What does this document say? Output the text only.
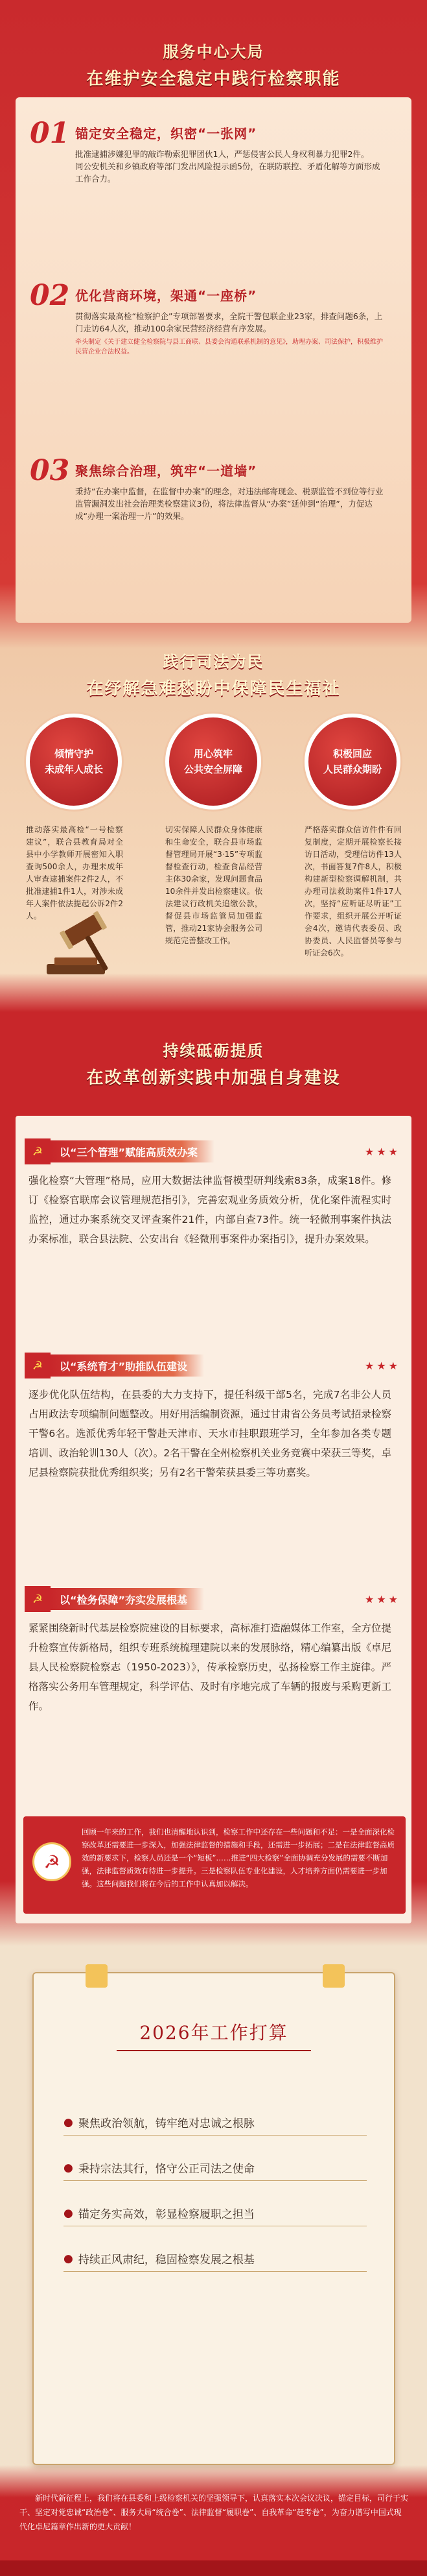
服务中心大局
在维护安全稳定中践行检察职能
01 锚定安全稳定，织密“一张网”

批准逮捕涉嫌犯罪的敲诈勒索犯罪团伙1人，严惩侵害公民人身权利暴力犯罪2件。

同公安机关和乡镇政府等部门发出风险提示函5份，在联防联控、矛盾化解等方面形成工作合力。

02 优化营商环境，架通“一座桥”

贯彻落实最高检“检察护企”专项部署要求，全院干警包联企业23家，排查问题6条，上门走访64人次，推动100余家民营经济经营有序发展。

牵头制定《关于建立健全检察院与县工商联、县委会沟通联系机制的意见》，助理办案、司法保护，积极维护民营企业合法权益。

03 聚焦综合治理，筑牢“一道墙”

秉持“在办案中监督，在监督中办案”的理念，对违法邮寄现金、税票监管不到位等行业监管漏洞发出社会治理类检察建议3份，将法律监督从“办案”延伸到“治理”，力促达成“办理一案治理一片”的效果。

践行司法为民
在纾解急难愁盼中保障民生福祉
倾情守护
未成年人成长
用心筑牢
公共安全屏障
积极回应
人民群众期盼
推动落实最高检“一号检察建议”，联合县教育局对全县中小学教师开展密知入职查询500余人，办理未成年人审查逮捕案件2件2人，不批准逮捕1件1人，对涉未成年人案件依法提起公诉2件2人。
切实保障人民群众身体健康和生命安全，联合县市场监督管理局开展“3·15”专项监督检查行动，检查食品经营主体30余家，发现问题食品10余件并发出检察建议。依法建议行政机关追缴公款，督促县市场监管局加强监管，推动21家协会服务公司规范完善整改工作。
严格落实群众信访件件有回复制度，定期开展检察长接访日活动，受理信访件13人次，书面答复7件8人，积极构建新型检察调解机制，共办理司法救助案件1件17人次，坚持“应听证尽听证”工作要求，组织开展公开听证会4次，邀请代表委员、政协委员、人民监督员等参与听证会6次。
持续砥砺提质
在改革创新实践中加强自身建设
☭	以“三个管理”赋能高质效办案	★★★

强化检察“大管理”格局，应用大数据法律监督模型研判线索83条，成案18件。修订《检察官联席会议管理规范指引》，完善宏观业务质效分析，优化案件流程实时监控，通过办案系统交叉评查案件21件，内部自查73件。统一轻微刑事案件执法办案标准，联合县法院、公安出台《轻微刑事案件办案指引》，提升办案效果。

☭	以“系统育才”助推队伍建设	★★★

逐步优化队伍结构，在县委的大力支持下，提任科级干部5名，完成7名非公人员占用政法专项编制问题整改。用好用活编制资源，通过甘肃省公务员考试招录检察干警6名。选派优秀年轻干警赴天津市、天水市挂职跟班学习，全年参加各类专题培训、政治轮训130人（次）。2名干警在全州检察机关业务竞赛中荣获三等奖，卓尼县检察院获批优秀组织奖；另有2名干警荣获县委三等功嘉奖。

☭	以“检务保障”夯实发展根基	★★★

紧紧围绕新时代基层检察院建设的目标要求，高标准打造融媒体工作室，全方位提升检察宣传新格局，组织专班系统梳理建院以来的发展脉络，精心编纂出版《卓尼县人民检察院检察志（1950-2023）》，传承检察历史，弘扬检察工作主旋律。严格落实公务用车管理规定，科学评估、及时有序地完成了车辆的报废与采购更新工作。

☭

回顾一年来的工作，我们也清醒地认识到，检察工作中还存在一些问题和不足：一是全面深化检察改革还需要进一步深入，加强法律监督的措施和手段，还需进一步拓展；二是在法律监督高质效的新要求下，检察人员还是一个“短板”……推进“四大检察”全面协调充分发展的需要不断加强，法律监督质效有待进一步提升。三是检察队伍专业化建设，人才培养方面仍需要进一步加强。这些问题我们将在今后的工作中认真加以解决。

2026年工作打算
● 聚焦政治领航，铸牢绝对忠诚之根脉
● 秉持宗法其行，恪守公正司法之使命
● 锚定务实高效，彰显检察履职之担当
● 持续正风肃纪，稳固检察发展之根基

新时代新征程上，我们将在县委和上级检察机关的坚强领导下，认真落实本次会议决议，锚定目标，司行于实干、坚定对党忠诚“政治卷”、服务大局“统合卷”、法律监督“履职卷”、自我革命“赶考卷”，为奋力谱写中国式现代化卓尼篇章作出新的更大贡献！
